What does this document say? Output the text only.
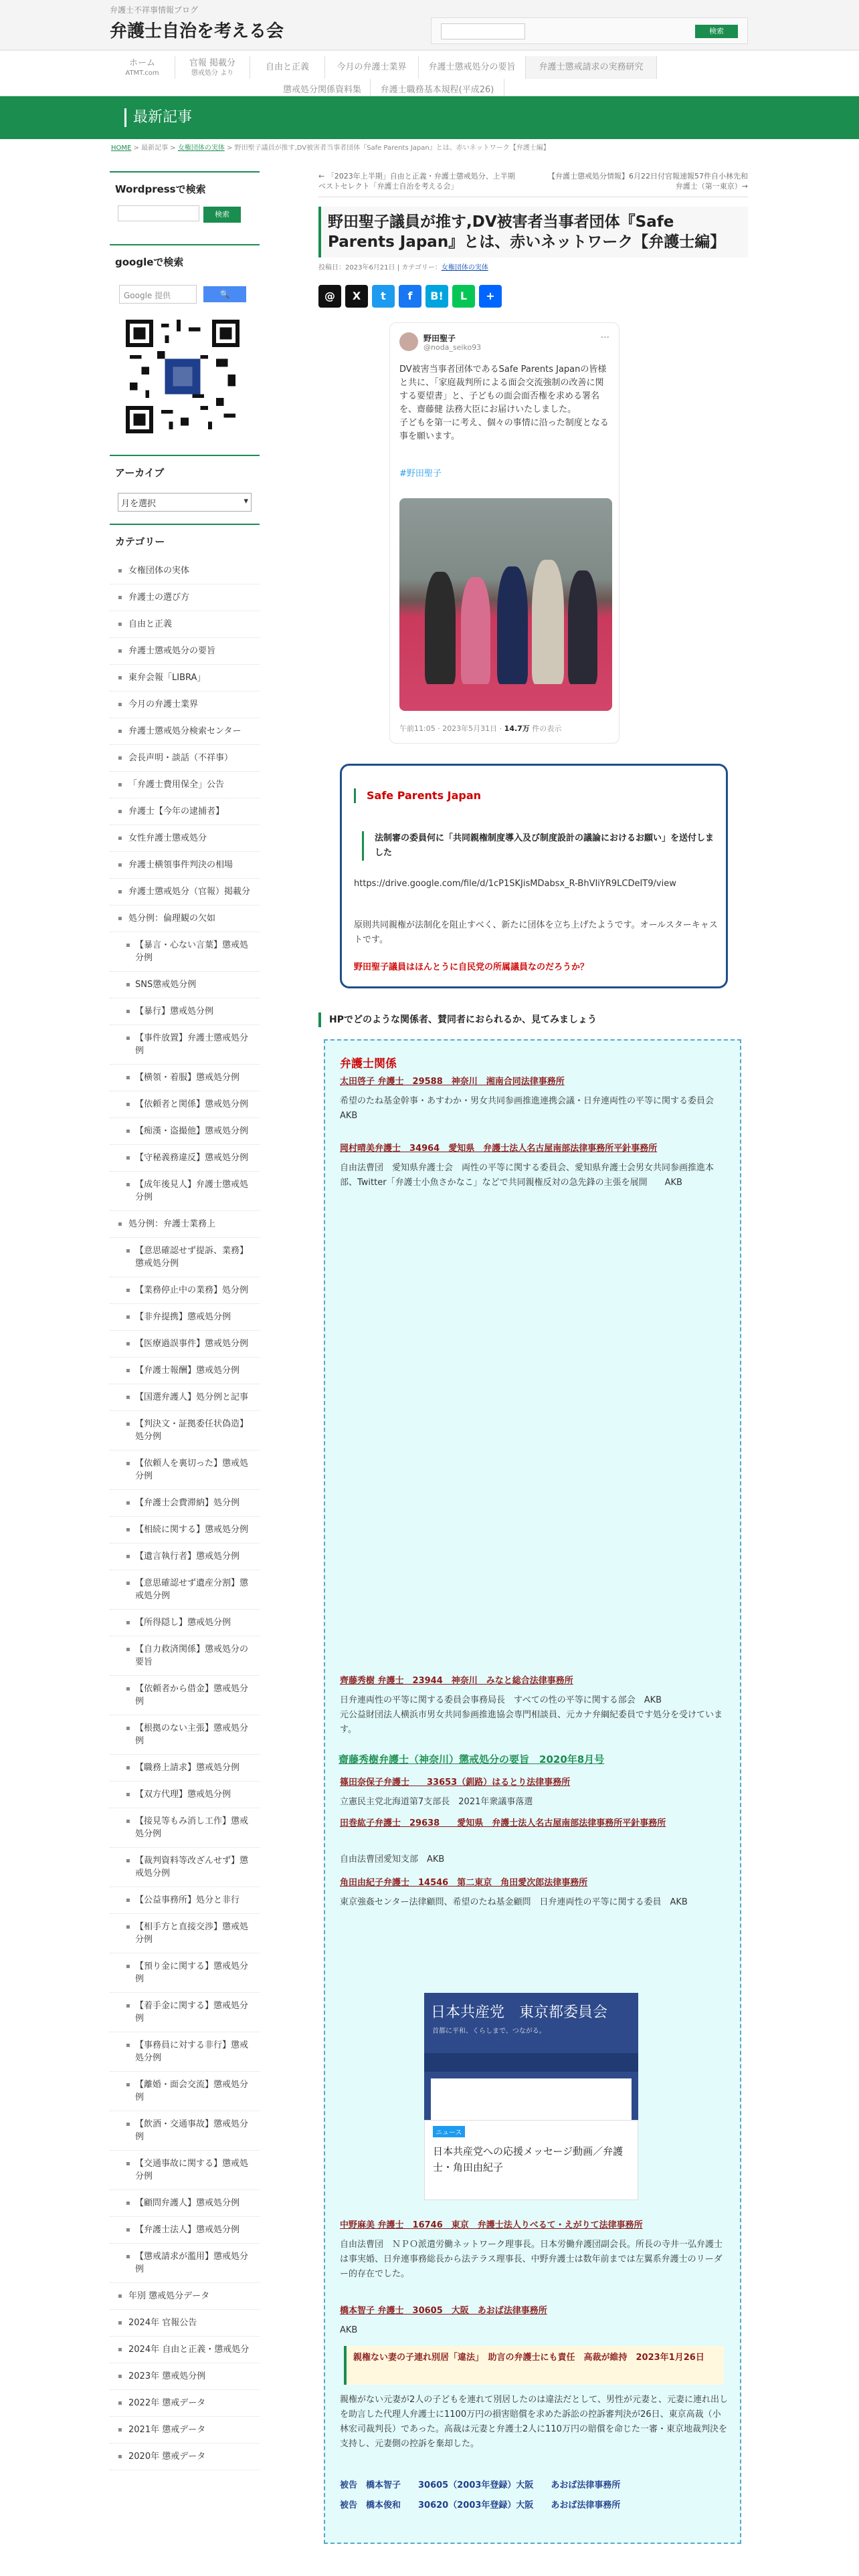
弁護士不祥事情報ブログ
弁護士自治を考える会	検索
ホーム
ATMT.com
官報 掲載分
懲戒処分 より
自由と正義	今月の弁護士業界	弁護士懲戒処分の要旨	弁護士懲戒請求の実務研究
懲戒処分関係資料集	弁護士職務基本規程(平成26)
最新記事
HOME > 最新記事 > 女権団体の実体 > 野田聖子議員が推す,DV被害者当事者団体『Safe Parents Japan』とは、赤いネットワーク【弁護士編】
Wordpressで検索
検索
googleで検索
Google 提供	🔍
アーカイブ
月を選択	▾
カテゴリー
▪ 女権団体の実体
▪ 弁護士の選び方
▪ 自由と正義
▪ 弁護士懲戒処分の要旨
▪ 東弁会報「LIBRA」
▪ 今月の弁護士業界
▪ 弁護士懲戒処分検索センター
▪ 会長声明・談話（不祥事）
▪ 「弁護士費用保全」公告
▪ 弁護士【今年の逮捕者】
▪ 女性弁護士懲戒処分
▪ 弁護士横領事件判決の相場
▪ 弁護士懲戒処分（官報）掲載分
▪ 処分例：倫理観の欠如
▪ 【暴言・心ない言葉】懲戒処分例
▪ SNS懲戒処分例
▪ 【暴行】懲戒処分例
▪ 【事件放置】弁護士懲戒処分例
▪ 【横領・着服】懲戒処分例
▪ 【依頼者と関係】懲戒処分例
▪ 【痴漢・盗撮他】懲戒処分例
▪ 【守秘義務違反】懲戒処分例
▪ 【成年後見人】弁護士懲戒処分例
▪ 処分例：弁護士業務上
▪ 【意思確認せず提訴、業務】懲戒処分例
▪ 【業務停止中の業務】処分例
▪ 【非弁提携】懲戒処分例
▪ 【医療過誤事件】懲戒処分例
▪ 【弁護士報酬】懲戒処分例
▪ 【国選弁護人】処分例と記事
▪ 【判決文・証拠委任状偽造】処分例
▪ 【依頼人を裏切った】懲戒処分例
▪ 【弁護士会費滞納】処分例
▪ 【相続に関する】懲戒処分例
▪ 【遺言執行者】懲戒処分例
▪ 【意思確認せず遺産分割】懲戒処分例
▪ 【所得隠し】懲戒処分例
▪ 【自力救済関係】懲戒処分の要旨
▪ 【依頼者から借金】懲戒処分例
▪ 【根拠のない主張】懲戒処分例
▪ 【職務上請求】懲戒処分例
▪ 【双方代理】懲戒処分例
▪ 【接見等もみ消し工作】懲戒処分例
▪ 【裁判資料等改ざんせず】懲戒処分例
▪ 【公益事務所】処分と非行
▪ 【相手方と直接交渉】懲戒処分例
▪ 【預り金に関する】懲戒処分例
▪ 【着手金に関する】懲戒処分例
▪ 【事務員に対する非行】懲戒処分例
▪ 【離婚・面会交流】懲戒処分例
▪ 【飲酒・交通事故】懲戒処分例
▪ 【交通事故に関する】懲戒処分例
▪ 【顧問弁護人】懲戒処分例
▪ 【弁護士法人】懲戒処分例
▪ 【懲戒請求が濫用】懲戒処分例
▪ 年別 懲戒処分データ
▪ 2024年 官報公告
▪ 2024年 自由と正義・懲戒処分
▪ 2023年 懲戒処分例
▪ 2022年 懲戒データ
▪ 2021年 懲戒データ
▪ 2020年 懲戒データ
← 「2023年上半期」自由と正義・弁護士懲戒処分、上半期ベストセレクト「弁護士自治を考える会」
【弁護士懲戒処分情報】6月22日付官報速報57件自小林先和弁護士（第一東京）→
野田聖子議員が推す,DV被害者当事者団体『Safe Parents Japan』とは、赤いネットワーク【弁護士編】
投稿日：2023年6月21日 | カテゴリー：女権団体の実体
@	X	t	f	B!	L	+
野田聖子
@noda_seiko93
···
DV被害当事者団体であるSafe Parents Japanの皆様と共に、「家庭裁判所による面会交流強制の改善に関する要望書」と、子どもの面会面否権を求める署名を、齋藤健 法務大臣にお届けいたしました。
子どもを第一に考え、個々の事情に沿った制度となる事を願います。
#野田聖子
午前11:05 · 2023年5月31日 · 14.7万 件の表示
Safe Parents Japan
法制審の委員何に「共同親権制度導入及び制度設計の議論におけるお願い」を送付しました
https://drive.google.com/file/d/1cP1SKJisMDabsx_R-BhVIiYR9LCDeIT9/view
原則共同親権が法制化を阻止すべく、新たに団体を立ち上げたようです。オールスターキャストです。
野田聖子議員はほんとうに自民党の所属議員なのだろうか？
HPでどのような関係者、賛同者におられるか、見てみましょう
弁護士関係
太田啓子 弁護士　29588　神奈川　湘南合同法律事務所
希望のたね基金幹事・あすわか・男女共同参画推進連携会議・日弁連両性の平等に関する委員会　AKB
岡村晴美弁護士　34964　愛知県　弁護士法人名古屋南部法律事務所平針事務所
自由法曹団　愛知県弁護士会　両性の平等に関する委員会、愛知県弁護士会男女共同参画推進本部、Twitter「弁護士小魚さかなこ」などで共同親権反対の急先鋒の主張を展開　　AKB
齊藤秀樹 弁護士　23944　神奈川　みなと総合法律事務所
日弁連両性の平等に関する委員会事務局長　すべての性の平等に関する部会　AKB
元公益財団法人横浜市男女共同参画推進協会専門相談員、元カナ弁綱紀委員です処分を受けています。
齋藤秀樹弁護士（神奈川）懲戒処分の要旨　2020年8月号
篠田奈保子弁護士　　33653（釧路）はるとり法律事務所
立憲民主党北海道第7支部長　2021年衆議事落選
田巻紘子弁護士　29638　　愛知県　弁護士法人名古屋南部法律事務所平針事務所
自由法曹団愛知支部　AKB
角田由紀子弁護士　14546　第二東京　角田愛次郎法律事務所
東京強姦センター法律顧問、希望のたね基金顧問　日弁連両性の平等に関する委員　AKB
日本共産党　東京都委員会
首都に平和、くらしまで、つながる。
ニュース
日本共産党への応援メッセージ動画／弁護士・角田由紀子
中野麻美 弁護士　16746　東京　弁護士法人りべるて・えがりて法律事務所
自由法曹団　ＮＰＯ派遣労働ネットワーク理事長。日本労働弁護団副会長。所長の寺井一弘弁護士は事実婚、日弁連事務総長から法テラス理事長、中野弁護士は数年前までは左翼系弁護士のリーダー的存在でした。
橋本智子 弁護士　30605　大阪　あおば法律事務所
AKB
親権ない妻の子連れ別居「違法」　助言の弁護士にも責任　高裁が維持　2023年1月26日
親権がない元妻が2人の子どもを連れて別居したのは違法だとして、男性が元妻と、元妻に連れ出しを助言した代理人弁護士に1100万円の損害賠償を求めた訴訟の控訴審判決が26日、東京高裁（小林宏司裁判長）であった。高裁は元妻と弁護士2人に110万円の賠償を命じた一審・東京地裁判決を支持し、元妻側の控訴を棄却した。
被告　橋本智子　　30605（2003年登録）大阪　　あおば法律事務所
被告　橋本俊和　　30620（2003年登録）大阪　　あおば法律事務所
